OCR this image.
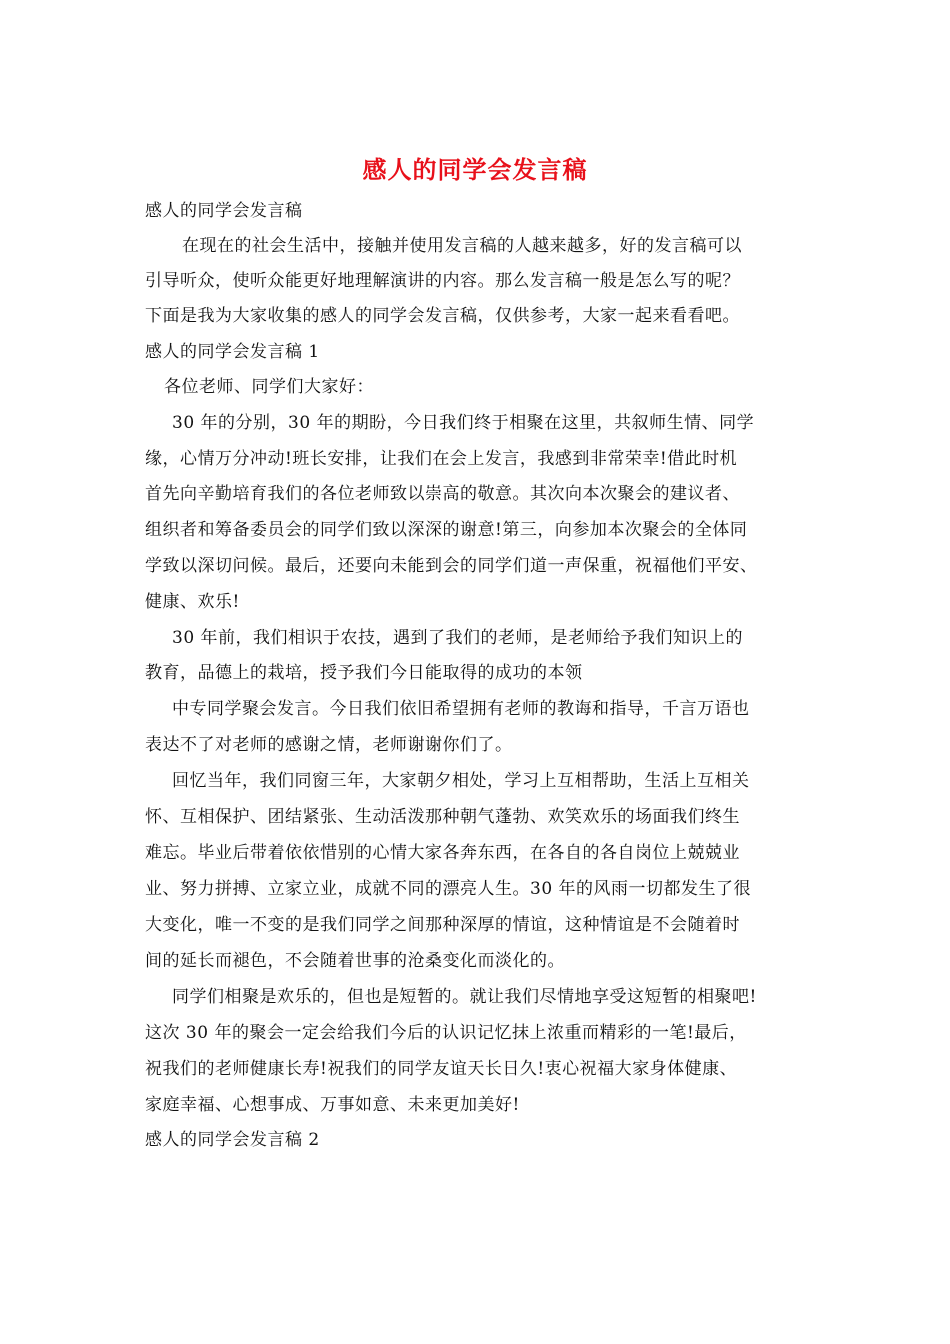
感人的同学会发言稿
感人的同学会发言稿
在现在的社会生活中，接触并使用发言稿的人越来越多，好的发言稿可以
引导听众，使听众能更好地理解演讲的内容。那么发言稿一般是怎么写的呢？
下面是我为大家收集的感人的同学会发言稿，仅供参考，大家一起来看看吧。
感人的同学会发言稿 1
各位老师、同学们大家好：
30 年的分别，30 年的期盼，今日我们终于相聚在这里，共叙师生情、同学
缘，心情万分冲动!班长安排，让我们在会上发言，我感到非常荣幸!借此时机
首先向辛勤培育我们的各位老师致以崇高的敬意。其次向本次聚会的建议者、
组织者和筹备委员会的同学们致以深深的谢意!第三，向参加本次聚会的全体同
学致以深切问候。最后，还要向未能到会的同学们道一声保重，祝福他们平安、
健康、欢乐!
30 年前，我们相识于农技，遇到了我们的老师，是老师给予我们知识上的
教育，品德上的栽培，授予我们今日能取得的成功的本领
中专同学聚会发言。今日我们依旧希望拥有老师的教诲和指导，千言万语也
表达不了对老师的感谢之情，老师谢谢你们了。
回忆当年，我们同窗三年，大家朝夕相处，学习上互相帮助，生活上互相关
怀、互相保护、团结紧张、生动活泼那种朝气蓬勃、欢笑欢乐的场面我们终生
难忘。毕业后带着依依惜别的心情大家各奔东西，在各自的各自岗位上兢兢业
业、努力拼搏、立家立业，成就不同的漂亮人生。30 年的风雨一切都发生了很
大变化，唯一不变的是我们同学之间那种深厚的情谊，这种情谊是不会随着时
间的延长而褪色，不会随着世事的沧桑变化而淡化的。
同学们相聚是欢乐的，但也是短暂的。就让我们尽情地享受这短暂的相聚吧!
这次 30 年的聚会一定会给我们今后的认识记忆抹上浓重而精彩的一笔!最后，
祝我们的老师健康长寿!祝我们的同学友谊天长日久!衷心祝福大家身体健康、
家庭幸福、心想事成、万事如意、未来更加美好!
感人的同学会发言稿 2
